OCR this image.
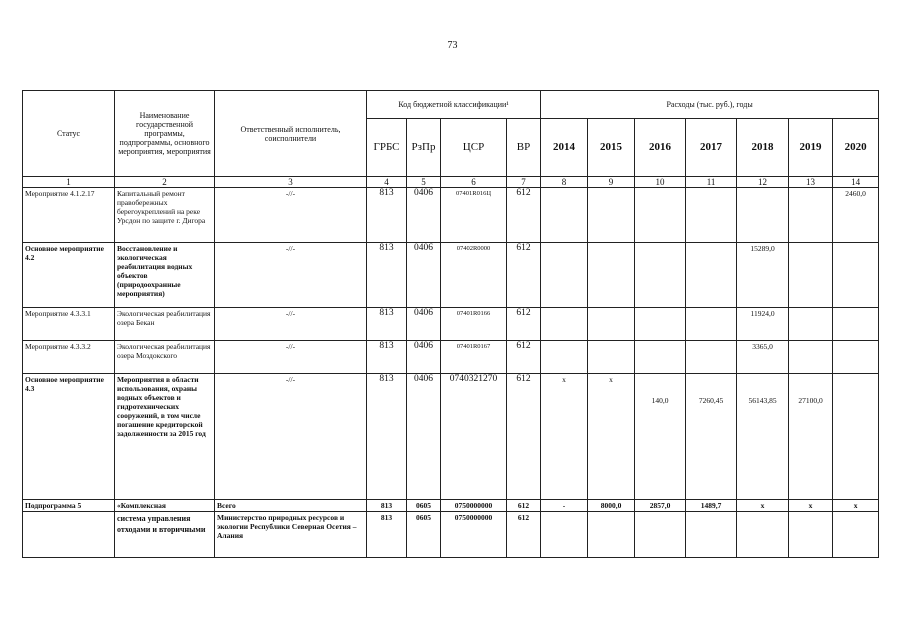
73
Статус	Наименование государственной программы, подпрограммы, основного мероприятия, мероприятия	Ответственный исполнитель, соисполнители	Код бюджетной классификации¹				Расходы (тыс. руб.), годы						
			ГРБС	РзПр	ЦСР	ВР	2014	2015	2016	2017	2018	2019	2020
1	2	3	4	5	6	7	8	9	10	11	12	13	14
Мероприятие 4.1.2.17	Капитальный ремонт правобережных берегоукреплений на реке Урсдон по защите г. Дигора	-//-	813	0406	07401R016Ц	612							2460,0
Основное мероприятие 4.2	Восстановление и экологическая реабилитация водных объектов (природоохранные мероприятия)	-//-	813	0406	07402R0000	612					15289,0		
Мероприятие 4.3.3.1	Экологическая реабилитация озера Бекан	-//-	813	0406	07401R0166	612					11924,0		
Мероприятие 4.3.3.2	Экологическая реабилитация озера Моздокского	-//-	813	0406	07401R0167	612					3365,0		
Основное мероприятие 4.3	Мероприятия в области использования, охраны водных объектов и гидротехнических сооружений, в том числе погашение кредиторской задолженности за 2015 год	-//-	813	0406	0740321270	612	х	х	140,0	7260,45	56143,85	27100,0	
Подпрограмма 5	«Комплексная	Всего	813	0605	0750000000	612	-	8000,0	2857,0	1489,7	х	х	х
	система управления отходами и вторичными	Министерство природных ресурсов и экологии Республики Северная Осетия – Алания	813	0605	0750000000	612							
